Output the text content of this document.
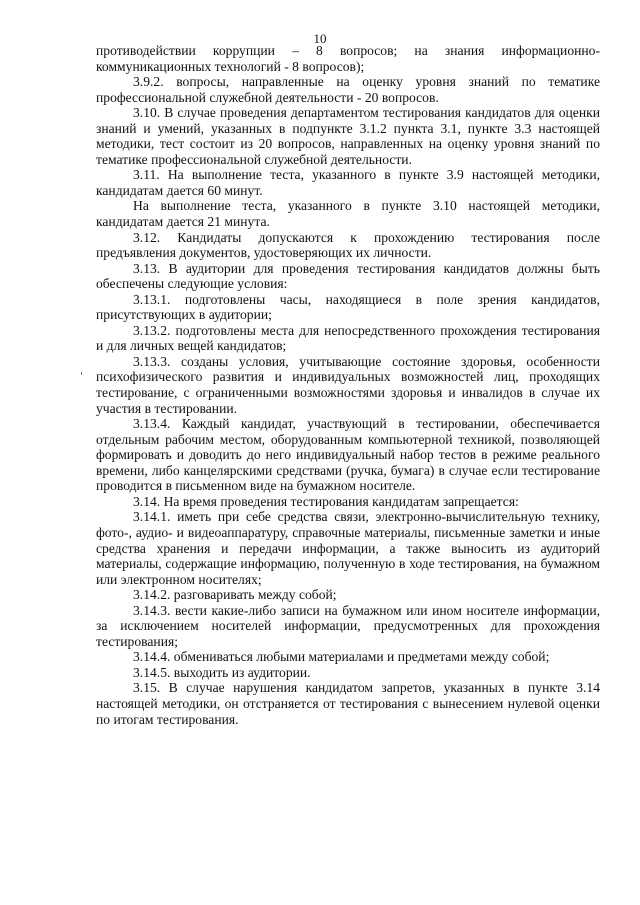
10

противодействии коррупции – 8 вопросов; на знания информационно-коммуникационных технологий - 8 вопросов);

3.9.2. вопросы, направленные на оценку уровня знаний по тематике профессиональной служебной деятельности - 20 вопросов.

3.10. В случае проведения департаментом тестирования кандидатов для оценки знаний и умений, указанных в подпункте 3.1.2 пункта 3.1, пункте 3.3 настоящей методики, тест состоит из 20 вопросов, направленных на оценку уровня знаний по тематике профессиональной служебной деятельности.

3.11. На выполнение теста, указанного в пункте 3.9 настоящей методики, кандидатам дается 60 минут.

На выполнение теста, указанного в пункте 3.10 настоящей методики, кандидатам дается 21 минута.

3.12. Кандидаты допускаются к прохождению тестирования после предъявления документов, удостоверяющих их личности.

3.13. В аудитории для проведения тестирования кандидатов должны быть обеспечены следующие условия:

3.13.1. подготовлены часы, находящиеся в поле зрения кандидатов, присутствующих в аудитории;

3.13.2. подготовлены места для непосредственного прохождения тестирования и для личных вещей кандидатов;

3.13.3. созданы условия, учитывающие состояние здоровья, особенности психофизического развития и индивидуальных возможностей лиц, проходящих тестирование, с ограниченными возможностями здоровья и инвалидов в случае их участия в тестировании.

3.13.4. Каждый кандидат, участвующий в тестировании, обеспечивается отдельным рабочим местом, оборудованным компьютерной техникой, позволяющей формировать и доводить до него индивидуальный набор тестов в режиме реального времени, либо канцелярскими средствами (ручка, бумага) в случае если тестирование проводится в письменном виде на бумажном носителе.

3.14. На время проведения тестирования кандидатам запрещается:

3.14.1. иметь при себе средства связи, электронно-вычислительную технику, фото-, аудио- и видеоаппаратуру, справочные материалы, письменные заметки и иные средства хранения и передачи информации, а также выносить из аудиторий материалы, содержащие информацию, полученную в ходе тестирования, на бумажном или электронном носителях;

3.14.2. разговаривать между собой;

3.14.3. вести какие-либо записи на бумажном или ином носителе информации, за исключением носителей информации, предусмотренных для прохождения тестирования;

3.14.4. обмениваться любыми материалами и предметами между собой;

3.14.5. выходить из аудитории.

3.15. В случае нарушения кандидатом запретов, указанных в пункте 3.14 настоящей методики, он отстраняется от тестирования с вынесением нулевой оценки по итогам тестирования.
